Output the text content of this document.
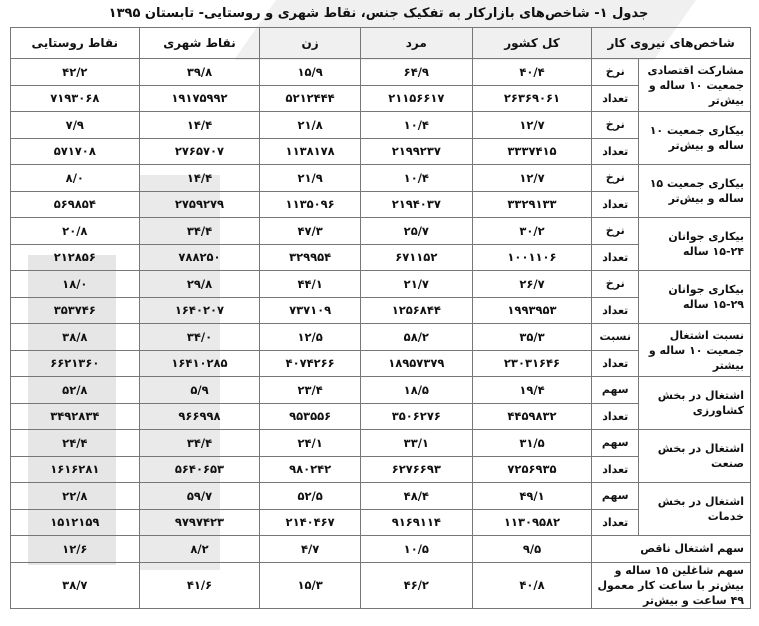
جدول ۱- شاخص‌های بازارکار به تفکیک جنس، نقاط شهری و روستایی- تابستان ۱۳۹۵
شاخص‌های نیروی کار		کل کشور	مرد	زن	نقاط شهری	نقاط روستایی
مشارکت اقتصادی جمعیت ۱۰ ساله و بیش‌تر	نرخ	۴۰/۴	۶۴/۹	۱۵/۹	۳۹/۸	۴۲/۲
	تعداد	۲۶۳۶۹۰۶۱	۲۱۱۵۶۶۱۷	۵۲۱۲۴۴۴	۱۹۱۷۵۹۹۲	۷۱۹۳۰۶۸
بیکاری جمعیت ۱۰ ساله و بیش‌تر	نرخ	۱۲/۷	۱۰/۴	۲۱/۸	۱۴/۴	۷/۹
	تعداد	۳۳۳۷۴۱۵	۲۱۹۹۲۳۷	۱۱۳۸۱۷۸	۲۷۶۵۷۰۷	۵۷۱۷۰۸
بیکاری جمعیت ۱۵ ساله و بیش‌تر	نرخ	۱۲/۷	۱۰/۴	۲۱/۹	۱۴/۴	۸/۰
	تعداد	۳۳۲۹۱۳۳	۲۱۹۴۰۳۷	۱۱۳۵۰۹۶	۲۷۵۹۲۷۹	۵۶۹۸۵۴
بیکاری جوانان ۲۴-۱۵ ساله	نرخ	۳۰/۲	۲۵/۷	۴۷/۳	۳۴/۴	۲۰/۸
	تعداد	۱۰۰۱۱۰۶	۶۷۱۱۵۲	۳۲۹۹۵۴	۷۸۸۲۵۰	۲۱۲۸۵۶
بیکاری جوانان ۲۹-۱۵ ساله	نرخ	۲۶/۷	۲۱/۷	۴۴/۱	۲۹/۸	۱۸/۰
	تعداد	۱۹۹۳۹۵۳	۱۲۵۶۸۴۴	۷۳۷۱۰۹	۱۶۴۰۲۰۷	۳۵۳۷۴۶
نسبت اشتغال جمعیت ۱۰ ساله و بیشتر	نسبت	۳۵/۳	۵۸/۲	۱۲/۵	۳۴/۰	۳۸/۸
	تعداد	۲۳۰۳۱۶۴۶	۱۸۹۵۷۳۷۹	۴۰۷۴۲۶۶	۱۶۴۱۰۲۸۵	۶۶۲۱۳۶۰
اشتغال در بخش کشاورزی	سهم	۱۹/۴	۱۸/۵	۲۳/۴	۵/۹	۵۲/۸
	تعداد	۴۴۵۹۸۳۲	۳۵۰۶۲۷۶	۹۵۳۵۵۶	۹۶۶۹۹۸	۳۴۹۲۸۳۴
اشتغال در بخش صنعت	سهم	۳۱/۵	۳۳/۱	۲۴/۱	۳۴/۴	۲۴/۴
	تعداد	۷۲۵۶۹۳۵	۶۲۷۶۶۹۳	۹۸۰۲۴۲	۵۶۴۰۶۵۳	۱۶۱۶۲۸۱
اشتغال در بخش خدمات	سهم	۴۹/۱	۴۸/۴	۵۲/۵	۵۹/۷	۲۲/۸
	تعداد	۱۱۳۰۹۵۸۲	۹۱۶۹۱۱۴	۲۱۴۰۴۶۷	۹۷۹۷۴۲۳	۱۵۱۲۱۵۹
سهم اشتغال ناقص		۹/۵	۱۰/۵	۴/۷	۸/۲	۱۲/۶
سهم شاغلین ۱۵ ساله و بیش‌تر با ساعت کار معمول ۴۹ ساعت و بیش‌تر		۴۰/۸	۴۶/۲	۱۵/۳	۴۱/۶	۳۸/۷
